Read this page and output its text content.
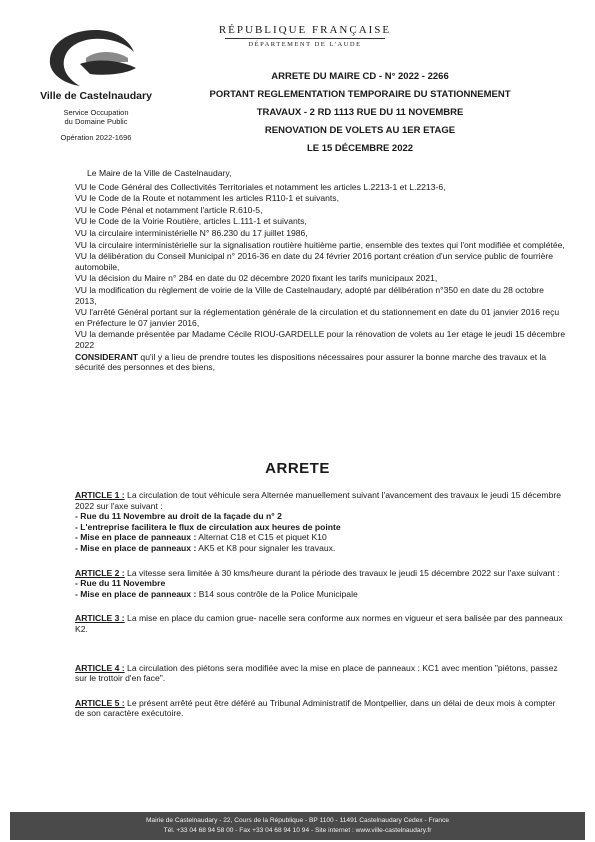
Ville de Castelnaudary
Service Occupation
du Domaine Public
Opération 2022-1696
RÉPUBLIQUE FRANÇAISE
DÉPARTEMENT DE L'AUDE
ARRETE DU MAIRE CD - N° 2022 - 2266
PORTANT REGLEMENTATION TEMPORAIRE DU STATIONNEMENT
TRAVAUX - 2 RD 1113 RUE DU 11 NOVEMBRE
RENOVATION DE VOLETS AU 1ER ETAGE
LE 15 DÉCEMBRE 2022
Le Maire de la Ville de Castelnaudary,
VU le Code Général des Collectivités Territoriales et notamment les articles L.2213-1 et L.2213-6,
VU le Code de la Route et notamment les articles R110-1 et suivants,
VU le Code Pénal et notamment l'article R.610-5,
VU le Code de la Voirie Routière, articles L.111-1 et suivants,
VU la circulaire interministérielle N° 86.230 du 17 juillet 1986,
VU la circulaire interministérielle sur la signalisation routière huitième partie, ensemble des textes qui l'ont modifiée et complétée,
VU la délibération du Conseil Municipal n° 2016-36 en date du 24 février 2016 portant création d'un service public de fourrière automobile,
VU la décision du Maire n° 284 en date du 02 décembre 2020 fixant les tarifs municipaux 2021,
VU la modification du règlement de voirie de la Ville de Castelnaudary, adopté par délibération n°350 en date du 28 octobre 2013,
VU l'arrêté Général portant sur la réglementation générale de la circulation et du stationnement en date du 01 janvier 2016 reçu en Préfecture le 07 janvier 2016,
VU la demande présentée par Madame Cécile RIOU-GARDELLE pour la rénovation de volets au 1er etage le jeudi 15 décembre 2022
CONSIDERANT qu'il y a lieu de prendre toutes les dispositions nécessaires pour assurer la bonne marche des travaux et la sécurité des personnes et des biens,
ARRETE
ARTICLE 1 : La circulation de tout véhicule sera Alternée manuellement suivant l'avancement des travaux le jeudi 15 décembre 2022 sur l'axe suivant :
- Rue du 11 Novembre au droit de la façade du n° 2
- L'entreprise facilitera le flux de circulation aux heures de pointe
- Mise en place de panneaux : Alternat C18 et C15 et piquet K10
- Mise en place de panneaux : AK5 et K8 pour signaler les travaux.
ARTICLE 2 : La vitesse sera limitée à 30 kms/heure durant la période des travaux le jeudi 15 décembre 2022 sur l'axe suivant :
- Rue du 11 Novembre
- Mise en place de panneaux : B14 sous contrôle de la Police Municipale
ARTICLE 3 : La mise en place du camion grue- nacelle sera conforme aux normes en vigueur et sera balisée par des panneaux K2.
ARTICLE 4 : La circulation des piétons sera modifiée avec la mise en place de panneaux : KC1 avec mention "piétons, passez sur le trottoir d'en face".
ARTICLE 5 : Le présent arrêté peut être déféré au Tribunal Administratif de Montpellier, dans un délai de deux mois à compter de son caractère exécutoire.
Mairie de Castelnaudary - 22, Cours de la République - BP 1100 - 11491 Castelnaudary Cedex - France
Tél. +33 04 68 94 58 00 - Fax +33 04 68 94 10 94 - Site internet : www.ville-castelnaudary.fr
